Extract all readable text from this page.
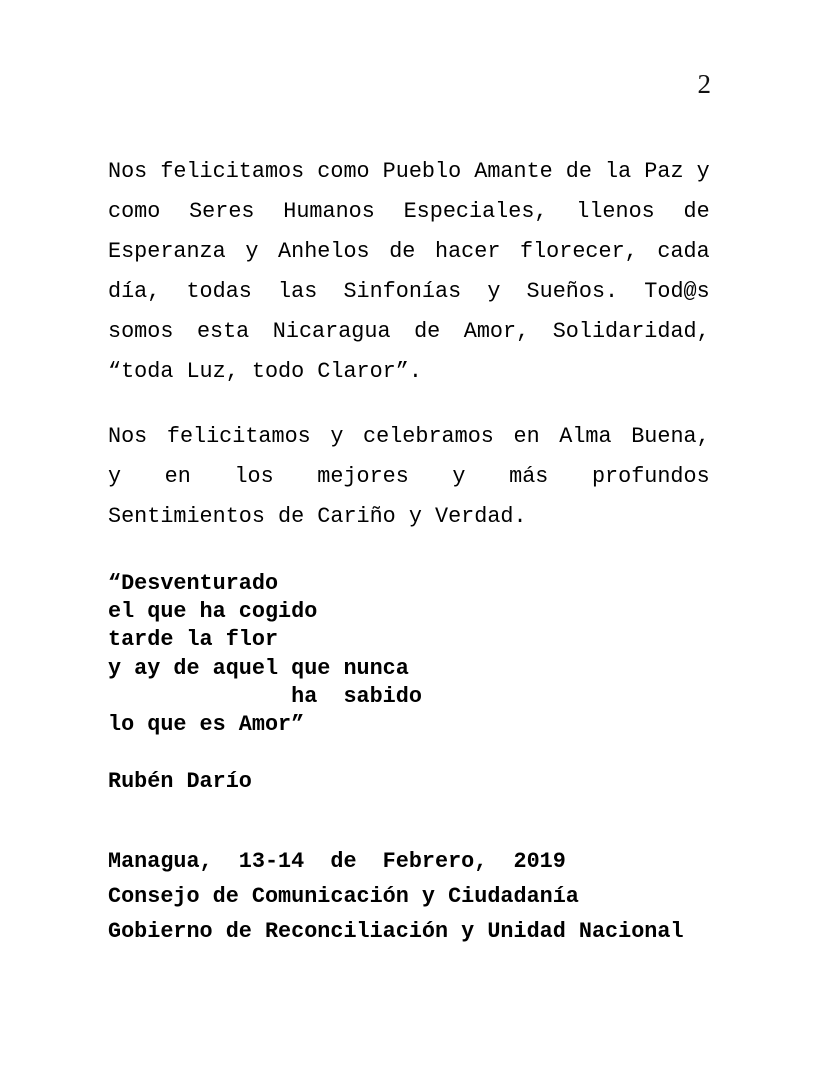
2
Nos felicitamos como Pueblo Amante de la Paz y
como Seres Humanos Especiales, llenos de
Esperanza y Anhelos de hacer florecer, cada
día, todas las Sinfonías y Sueños. Tod@s
somos esta Nicaragua de Amor, Solidaridad,
“toda Luz, todo Claror”.
Nos felicitamos y celebramos en Alma Buena,
y en los mejores y más profundos
Sentimientos de Cariño y Verdad.
“Desventurado
el que ha cogido
tarde la flor
y ay de aquel que nunca
ha  sabido
lo que es Amor”
Rubén Darío
Managua,  13-14  de  Febrero,  2019
Consejo de Comunicación y Ciudadanía
Gobierno de Reconciliación y Unidad Nacional
